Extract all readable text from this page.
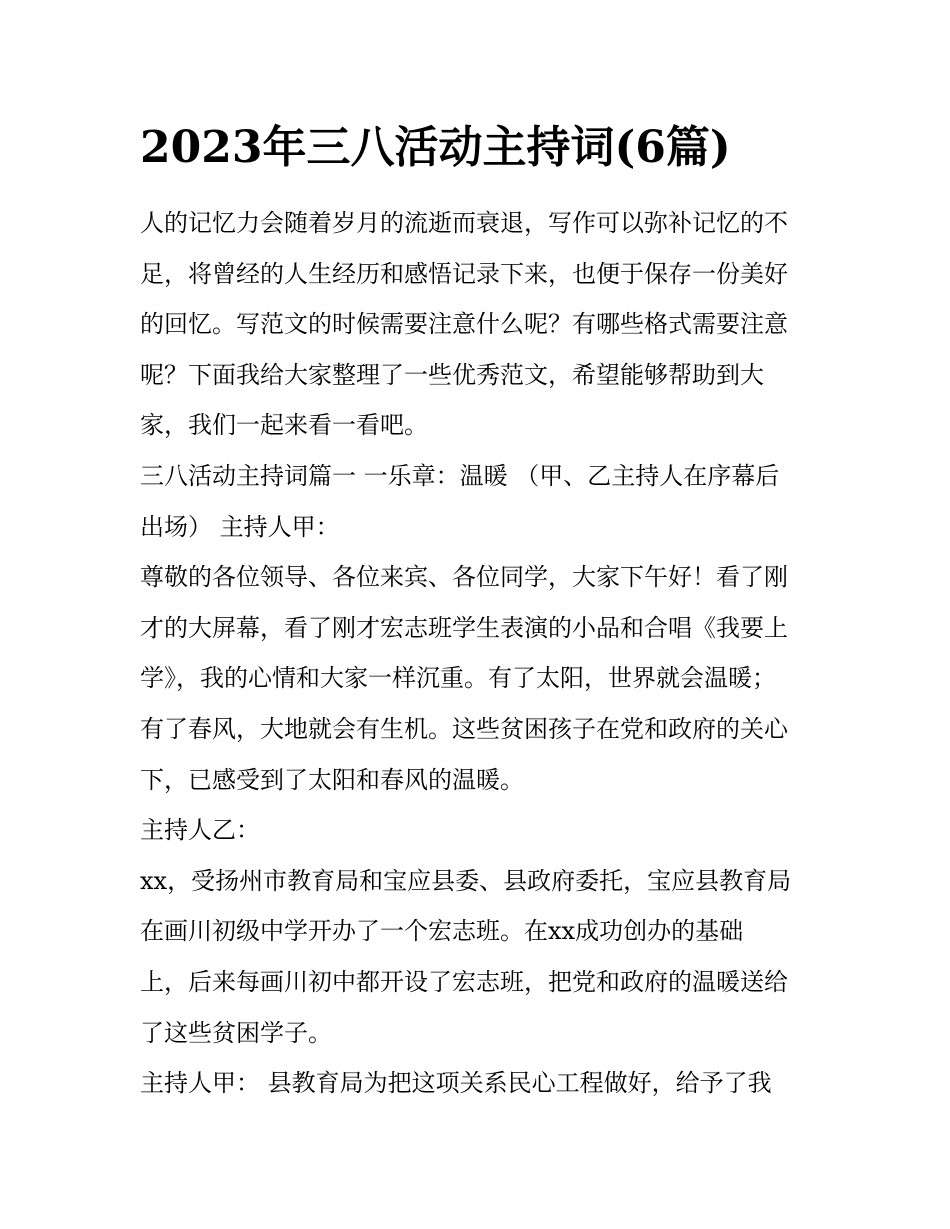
2023年三八活动主持词(6篇)

人的记忆力会随着岁月的流逝而衰退，写作可以弥补记忆的不
足，将曾经的人生经历和感悟记录下来，也便于保存一份美好
的回忆。写范文的时候需要注意什么呢？有哪些格式需要注意
呢？下面我给大家整理了一些优秀范文，希望能够帮助到大
家，我们一起来看一看吧。

三八活动主持词篇一 一乐章：温暖 （甲、乙主持人在序幕后
出场） 主持人甲：

尊敬的各位领导、各位来宾、各位同学，大家下午好！看了刚
才的大屏幕，看了刚才宏志班学生表演的小品和合唱《我要上
学》，我的心情和大家一样沉重。有了太阳，世界就会温暖；
有了春风，大地就会有生机。这些贫困孩子在党和政府的关心
下，已感受到了太阳和春风的温暖。

主持人乙：

xx，受扬州市教育局和宝应县委、县政府委托，宝应县教育局
在画川初级中学开办了一个宏志班。在xx成功创办的基础
上，后来每画川初中都开设了宏志班，把党和政府的温暖送给
了这些贫困学子。

主持人甲： 县教育局为把这项关系民心工程做好，给予了我
